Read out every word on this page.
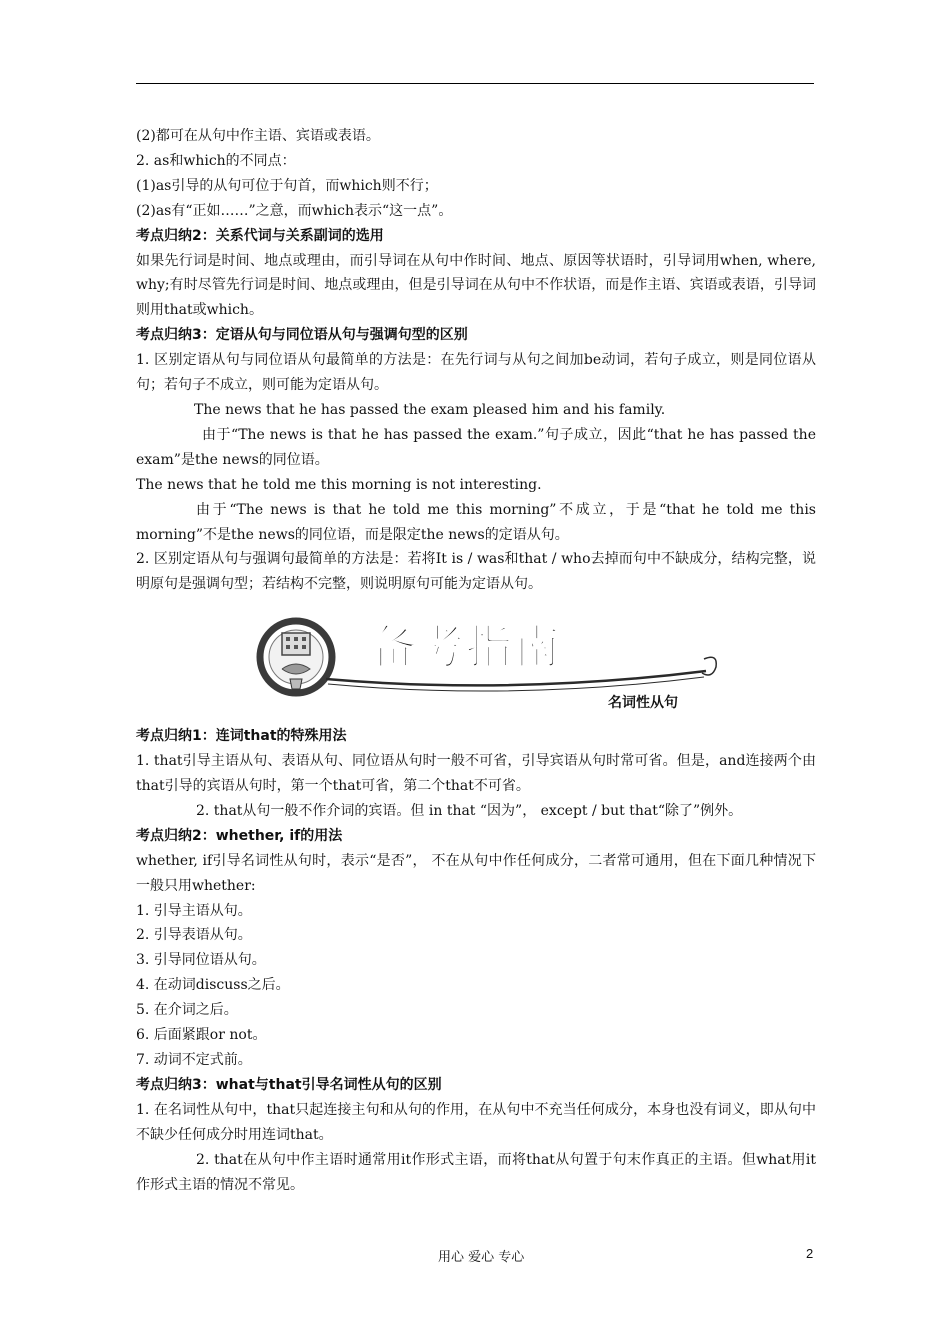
(2)都可在从句中作主语、宾语或表语。

2. as和which的不同点：

(1)as引导的从句可位于句首，而which则不行；

(2)as有“正如……”之意，而which表示“这一点”。

考点归纳2：关系代词与关系副词的选用

如果先行词是时间、地点或理由，而引导词在从句中作时间、地点、原因等状语时，引导词用when, where, why;有时尽管先行词是时间、地点或理由，但是引导词在从句中不作状语，而是作主语、宾语或表语，引导词则用that或which。

考点归纳3：定语从句与同位语从句与强调句型的区别

1. 区别定语从句与同位语从句最简单的方法是：在先行词与从句之间加be动词，若句子成立，则是同位语从句；若句子不成立，则可能为定语从句。

The news that he has passed the exam pleased him and his family.

由于“The news is that he has passed the exam.”句子成立，因此“that he has passed the exam”是the news的同位语。

The news that he told me this morning is not interesting.

由于“The news is that he told me this morning”不成立，于是“that he told me this morning”不是the news的同位语，而是限定the news的定语从句。

2. 区别定语从句与强调句最简单的方法是：若将It is / was和that / who去掉而句中不缺成分，结构完整，说明原句是强调句型；若结构不完整，则说明原句可能为定语从句。

备考指南
名词性从句

考点归纳1：连词that的特殊用法

1. that引导主语从句、表语从句、同位语从句时一般不可省，引导宾语从句时常可省。但是，and连接两个由that引导的宾语从句时，第一个that可省，第二个that不可省。

2. that从句一般不作介词的宾语。但 in that “因为”， except / but that“除了”例外。

考点归纳2：whether, if的用法

whether, if引导名词性从句时，表示“是否”， 不在从句中作任何成分，二者常可通用，但在下面几种情况下一般只用whether:

1. 引导主语从句。

2. 引导表语从句。

3. 引导同位语从句。

4. 在动词discuss之后。

5. 在介词之后。

6. 后面紧跟or not。

7. 动词不定式前。

考点归纳3：what与that引导名词性从句的区别

1. 在名词性从句中，that只起连接主句和从句的作用，在从句中不充当任何成分，本身也没有词义，即从句中不缺少任何成分时用连词that。

2. that在从句中作主语时通常用it作形式主语，而将that从句置于句末作真正的主语。但what用it作形式主语的情况不常见。

用心 爱心 专心	2
